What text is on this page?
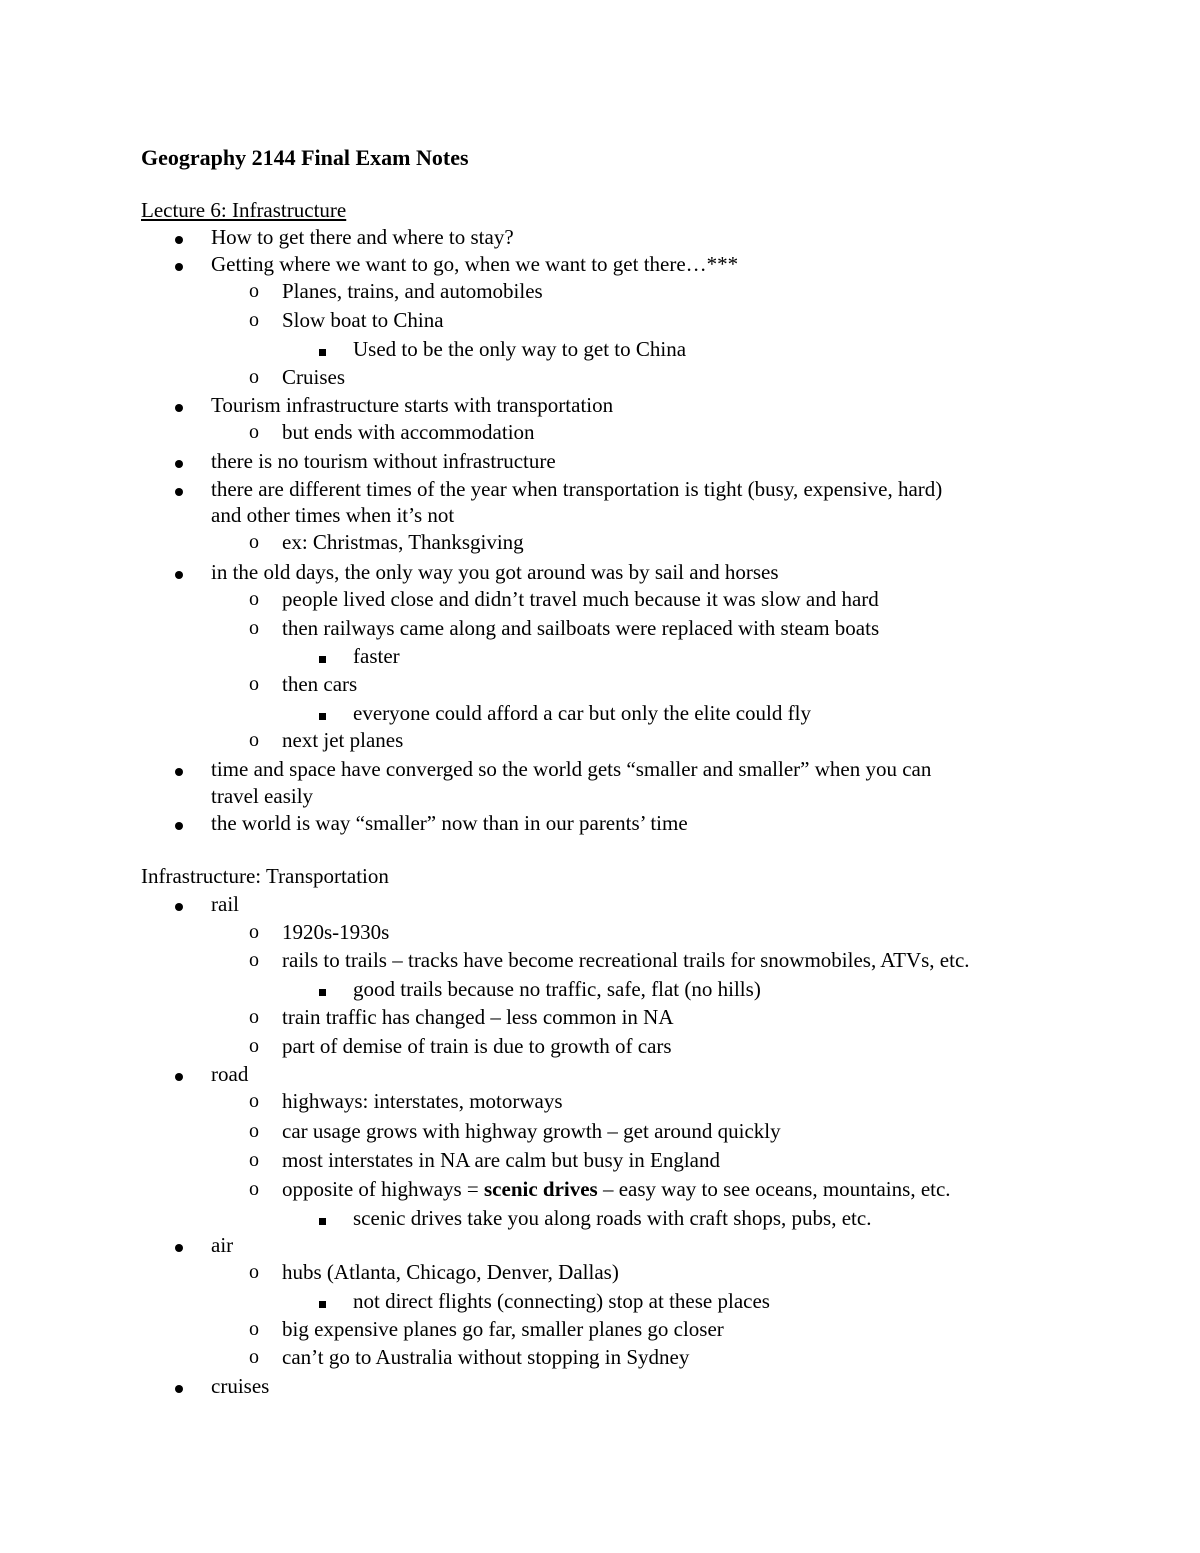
Geography 2144 Final Exam Notes
Lecture 6: Infrastructure
How to get there and where to stay?
Getting where we want to go, when we want to get there…***
o Planes, trains, and automobiles
o Slow boat to China
Used to be the only way to get to China
o Cruises
Tourism infrastructure starts with transportation
o but ends with accommodation
there is no tourism without infrastructure
there are different times of the year when transportation is tight (busy, expensive, hard)
and other times when it’s not
o ex: Christmas, Thanksgiving
in the old days, the only way you got around was by sail and horses
o people lived close and didn’t travel much because it was slow and hard
o then railways came along and sailboats were replaced with steam boats
faster
o then cars
everyone could afford a car but only the elite could fly
o next jet planes
time and space have converged so the world gets “smaller and smaller” when you can
travel easily
the world is way “smaller” now than in our parents’ time
Infrastructure: Transportation
rail
o 1920s-1930s
o rails to trails – tracks have become recreational trails for snowmobiles, ATVs, etc.
good trails because no traffic, safe, flat (no hills)
o train traffic has changed – less common in NA
o part of demise of train is due to growth of cars
road
o highways: interstates, motorways
o car usage grows with highway growth – get around quickly
o most interstates in NA are calm but busy in England
o opposite of highways = scenic drives – easy way to see oceans, mountains, etc.
scenic drives take you along roads with craft shops, pubs, etc.
air
o hubs (Atlanta, Chicago, Denver, Dallas)
not direct flights (connecting) stop at these places
o big expensive planes go far, smaller planes go closer
o can’t go to Australia without stopping in Sydney
cruises
